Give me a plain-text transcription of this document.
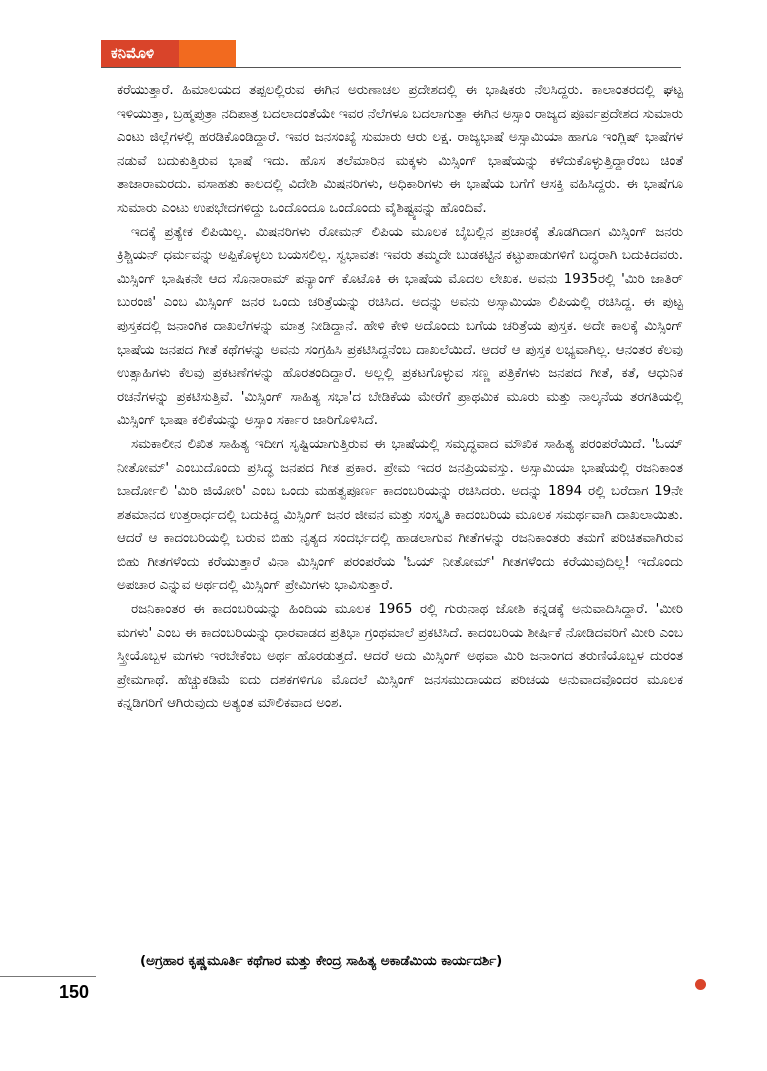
ಕನಿಮೊಳಿ

ಕರೆಯುತ್ತಾರೆ. ಹಿಮಾಲಯದ ತಪ್ಪಲಲ್ಲಿರುವ ಈಗಿನ ಅರುಣಾಚಲ ಪ್ರದೇಶದಲ್ಲಿ ಈ ಭಾಷಿಕರು ನೆಲಸಿದ್ದರು. ಕಾಲಾಂತರದಲ್ಲಿ ಘಟ್ಟ ಇಳಿಯುತ್ತಾ, ಬ್ರಹ್ಮಪುತ್ರಾ ನದಿಪಾತ್ರ ಬದಲಾದಂತೆಯೇ ಇವರ ನೆಲೆಗಳೂ ಬದಲಾಗುತ್ತಾ ಈಗಿನ ಅಸ್ಸಾಂ ರಾಜ್ಯದ ಪೂರ್ವಪ್ರದೇಶದ ಸುಮಾರು ಎಂಟು ಜಿಲ್ಲೆಗಳಲ್ಲಿ ಹರಡಿಕೊಂಡಿದ್ದಾರೆ. ಇವರ ಜನಸಂಖ್ಯೆ ಸುಮಾರು ಆರು ಲಕ್ಷ. ರಾಜ್ಯಭಾಷೆ ಅಸ್ಸಾಮಿಯಾ ಹಾಗೂ ಇಂಗ್ಲಿಷ್ ಭಾಷೆಗಳ ನಡುವೆ ಬದುಕುತ್ತಿರುವ ಭಾಷೆ ಇದು. ಹೊಸ ತಲೆಮಾರಿನ ಮಕ್ಕಳು ಮಿಸ್ಸಿಂಗ್ ಭಾಷೆಯನ್ನು ಕಳೆದುಕೊಳ್ಳುತ್ತಿದ್ದಾರೆಂಬ ಚಿಂತೆ ತಾಜಾರಾಮರದು. ವಸಾಹತು ಕಾಲದಲ್ಲಿ ವಿದೇಶಿ ಮಿಷನರಿಗಳು, ಅಧಿಕಾರಿಗಳು ಈ ಭಾಷೆಯ ಬಗೆಗೆ ಆಸಕ್ತಿ ವಹಿಸಿದ್ದರು. ಈ ಭಾಷೆಗೂ ಸುಮಾರು ಎಂಟು ಉಪಭೇದಗಳಿದ್ದು ಒಂದೊಂದೂ ಒಂದೊಂದು ವೈಶಿಷ್ಟ್ಯವನ್ನು ಹೊಂದಿವೆ.

ಇದಕ್ಕೆ ಪ್ರತ್ಯೇಕ ಲಿಪಿಯಿಲ್ಲ. ಮಿಷನರಿಗಳು ರೋಮನ್ ಲಿಪಿಯ ಮೂಲಕ ಬೈಬಲ್ಲಿನ ಪ್ರಚಾರಕ್ಕೆ ತೊಡಗಿದಾಗ ಮಿಸ್ಸಿಂಗ್ ಜನರು ಕ್ರಿಶ್ಚಿಯನ್ ಧರ್ಮವನ್ನು ಅಪ್ಪಿಕೊಳ್ಳಲು ಬಯಸಲಿಲ್ಲ. ಸ್ವಭಾವತಃ ಇವರು ತಮ್ಮದೇ ಬುಡಕಟ್ಟಿನ ಕಟ್ಟುಪಾಡುಗಳಿಗೆ ಬದ್ಧರಾಗಿ ಬದುಕಿದವರು. ಮಿಸ್ಸಿಂಗ್ ಭಾಷಿಕನೇ ಆದ ಸೊನಾರಾಮ್ ಪನ್ಯಾಂಗ್ ಕೊಟೊಕಿ ಈ ಭಾಷೆಯ ಮೊದಲ ಲೇಖಕ. ಅವನು 1935ರಲ್ಲಿ 'ಮಿರಿ ಜಾತಿರ್ ಬುರಂಜಿ' ಎಂಬ ಮಿಸ್ಸಿಂಗ್ ಜನರ ಒಂದು ಚರಿತ್ರೆಯನ್ನು ರಚಿಸಿದ. ಅದನ್ನು ಅವನು ಅಸ್ಸಾಮಿಯಾ ಲಿಪಿಯಲ್ಲಿ ರಚಿಸಿದ್ದ. ಈ ಪುಟ್ಟ ಪುಸ್ತಕದಲ್ಲಿ ಜನಾಂಗಿಕ ದಾಖಲೆಗಳನ್ನು ಮಾತ್ರ ನೀಡಿದ್ದಾನೆ. ಹೇಳಿ ಕೇಳಿ ಅದೊಂದು ಬಗೆಯ ಚರಿತ್ರೆಯ ಪುಸ್ತಕ. ಅದೇ ಕಾಲಕ್ಕೆ ಮಿಸ್ಸಿಂಗ್ ಭಾಷೆಯ ಜನಪದ ಗೀತೆ ಕಥೆಗಳನ್ನು ಅವನು ಸಂಗ್ರಹಿಸಿ ಪ್ರಕಟಿಸಿದ್ದನೆಂಬ ದಾಖಲೆಯಿದೆ. ಆದರೆ ಆ ಪುಸ್ತಕ ಲಭ್ಯವಾಗಿಲ್ಲ. ಆನಂತರ ಕೆಲವು ಉತ್ಸಾಹಿಗಳು ಕೆಲವು ಪ್ರಕಟಣೆಗಳನ್ನು ಹೊರತಂದಿದ್ದಾರೆ. ಅಲ್ಲಲ್ಲಿ ಪ್ರಕಟಗೊಳ್ಳುವ ಸಣ್ಣ ಪತ್ರಿಕೆಗಳು ಜನಪದ ಗೀತೆ, ಕತೆ, ಆಧುನಿಕ ರಚನೆಗಳನ್ನು ಪ್ರಕಟಿಸುತ್ತಿವೆ. 'ಮಿಸ್ಸಿಂಗ್ ಸಾಹಿತ್ಯ ಸಭಾ'ದ ಬೇಡಿಕೆಯ ಮೇರೆಗೆ ಪ್ರಾಥಮಿಕ ಮೂರು ಮತ್ತು ನಾಲ್ಕನೆಯ ತರಗತಿಯಲ್ಲಿ ಮಿಸ್ಸಿಂಗ್ ಭಾಷಾ ಕಲಿಕೆಯನ್ನು ಅಸ್ಸಾಂ ಸರ್ಕಾರ ಜಾರಿಗೊಳಿಸಿದೆ.

ಸಮಕಾಲೀನ ಲಿಖಿತ ಸಾಹಿತ್ಯ ಇದೀಗ ಸೃಷ್ಟಿಯಾಗುತ್ತಿರುವ ಈ ಭಾಷೆಯಲ್ಲಿ ಸಮೃದ್ಧವಾದ ಮೌಖಿಕ ಸಾಹಿತ್ಯ ಪರಂಪರೆಯಿದೆ. 'ಓಯ್ ನೀತೋಮ್' ಎಂಬುದೊಂದು ಪ್ರಸಿದ್ಧ ಜನಪದ ಗೀತ ಪ್ರಕಾರ. ಪ್ರೇಮ ಇದರ ಜನಪ್ರಿಯವಸ್ತು. ಅಸ್ಸಾಮಿಯಾ ಭಾಷೆಯಲ್ಲಿ ರಜನಿಕಾಂತ ಬಾರ್ದೋಲಿ 'ಮಿರಿ ಜಿಯೋರಿ' ಎಂಬ ಒಂದು ಮಹತ್ವಪೂರ್ಣ ಕಾದಂಬರಿಯನ್ನು ರಚಿಸಿದರು. ಅದನ್ನು 1894 ರಲ್ಲಿ ಬರೆದಾಗ 19ನೇ ಶತಮಾನದ ಉತ್ತರಾರ್ಧದಲ್ಲಿ ಬದುಕಿದ್ದ ಮಿಸ್ಸಿಂಗ್ ಜನರ ಜೀವನ ಮತ್ತು ಸಂಸ್ಕೃತಿ ಕಾದಂಬರಿಯ ಮೂಲಕ ಸಮರ್ಥವಾಗಿ ದಾಖಲಾಯಿತು. ಆದರೆ ಆ ಕಾದಂಬರಿಯಲ್ಲಿ ಬರುವ ಬಿಹು ನೃತ್ಯದ ಸಂದರ್ಭದಲ್ಲಿ ಹಾಡಲಾಗುವ ಗೀತೆಗಳನ್ನು ರಜನಿಕಾಂತರು ತಮಗೆ ಪರಿಚಿತವಾಗಿರುವ ಬಿಹು ಗೀತಗಳೆಂದು ಕರೆಯುತ್ತಾರೆ ವಿನಾ ಮಿಸ್ಸಿಂಗ್ ಪರಂಪರೆಯ 'ಓಯ್ ನೀತೋಮ್' ಗೀತಗಳೆಂದು ಕರೆಯುವುದಿಲ್ಲ! ಇದೊಂದು ಅಪಚಾರ ಎನ್ನುವ ಅರ್ಥದಲ್ಲಿ ಮಿಸ್ಸಿಂಗ್ ಪ್ರೇಮಿಗಳು ಭಾವಿಸುತ್ತಾರೆ.

ರಜನಿಕಾಂತರ ಈ ಕಾದಂಬರಿಯನ್ನು ಹಿಂದಿಯ ಮೂಲಕ 1965 ರಲ್ಲಿ ಗುರುನಾಥ ಜೋಶಿ ಕನ್ನಡಕ್ಕೆ ಅನುವಾದಿಸಿದ್ದಾರೆ. 'ಮೀರಿ ಮಗಳು' ಎಂಬ ಈ ಕಾದಂಬರಿಯನ್ನು ಧಾರವಾಡದ ಪ್ರತಿಭಾ ಗ್ರಂಥಮಾಲೆ ಪ್ರಕಟಿಸಿದೆ. ಕಾದಂಬರಿಯ ಶೀರ್ಷಿಕೆ ನೋಡಿದವರಿಗೆ ಮೀರಿ ಎಂಬ ಸ್ತ್ರೀಯೊಬ್ಬಳ ಮಗಳು ಇರಬೇಕೆಂಬ ಅರ್ಥ ಹೊರಡುತ್ತದೆ. ಆದರೆ ಅದು ಮಿಸ್ಸಿಂಗ್ ಅಥವಾ ಮಿರಿ ಜನಾಂಗದ ತರುಣಿಯೊಬ್ಬಳ ದುರಂತ ಪ್ರೇಮಗಾಥೆ. ಹೆಚ್ಚುಕಡಿಮೆ ಐದು ದಶಕಗಳಿಗೂ ಮೊದಲೆ ಮಿಸ್ಸಿಂಗ್ ಜನಸಮುದಾಯದ ಪರಿಚಯ ಅನುವಾದವೊಂದರ ಮೂಲಕ ಕನ್ನಡಿಗರಿಗೆ ಆಗಿರುವುದು ಅತ್ಯಂತ ಮೌಲಿಕವಾದ ಅಂಶ.

(ಅಗ್ರಹಾರ ಕೃಷ್ಣಮೂರ್ತಿ ಕಥೆಗಾರ ಮತ್ತು ಕೇಂದ್ರ ಸಾಹಿತ್ಯ ಅಕಾಡೆಮಿಯ ಕಾರ್ಯದರ್ಶಿ)
150
